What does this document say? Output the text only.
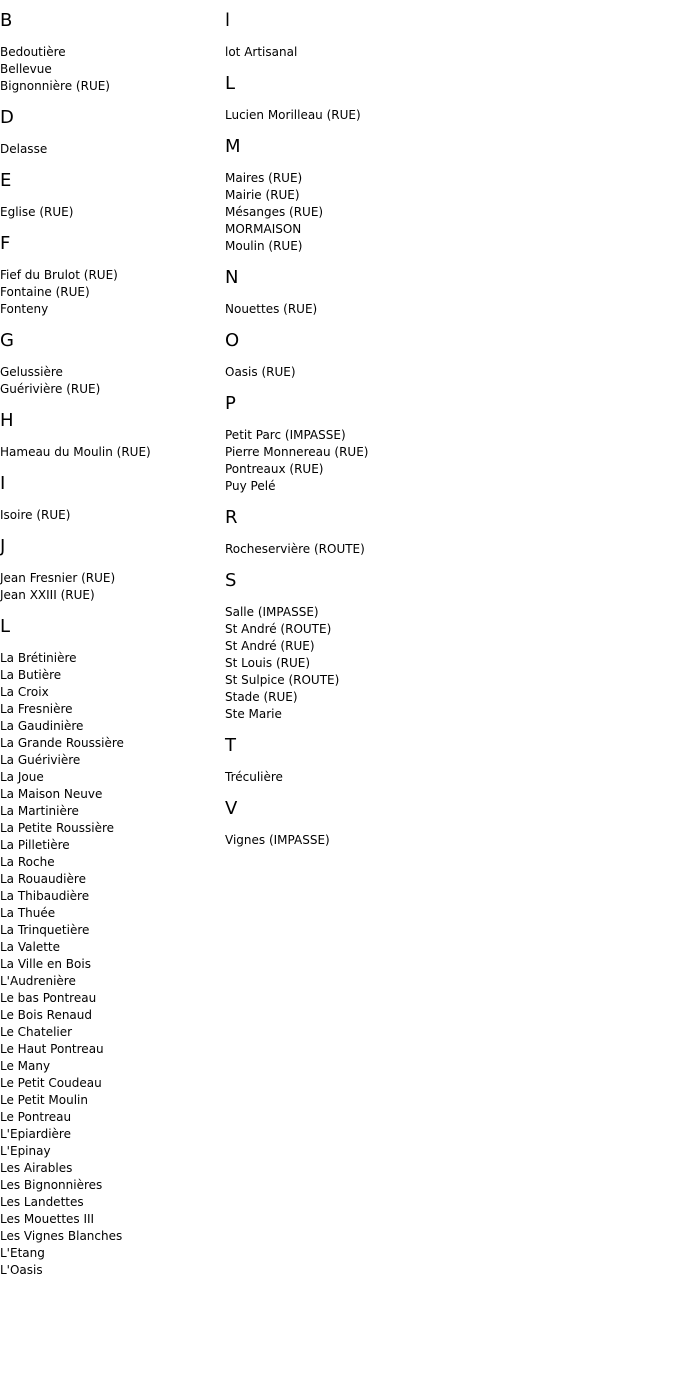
B
Bedoutière
Bellevue
Bignonnière (RUE)
D
Delasse
E
Eglise (RUE)
F
Fief du Brulot (RUE)
Fontaine (RUE)
Fonteny
G
Gelussière
Guérivière (RUE)
H
Hameau du Moulin (RUE)
I
Isoire (RUE)
J
Jean Fresnier (RUE)
Jean XXIII (RUE)
L
La Brétinière
La Butière
La Croix
La Fresnière
La Gaudinière
La Grande Roussière
La Guérivière
La Joue
La Maison Neuve
La Martinière
La Petite Roussière
La Pilletière
La Roche
La Rouaudière
La Thibaudière
La Thuée
La Trinquetière
La Valette
La Ville en Bois
L'Audrenière
Le bas Pontreau
Le Bois Renaud
Le Chatelier
Le Haut Pontreau
Le Many
Le Petit Coudeau
Le Petit Moulin
Le Pontreau
L'Epiardière
L'Epinay
Les Airables
Les Bignonnières
Les Landettes
Les Mouettes III
Les Vignes Blanches
L'Etang
L'Oasis
l
lot Artisanal
L
Lucien Morilleau (RUE)
M
Maires (RUE)
Mairie (RUE)
Mésanges (RUE)
MORMAISON
Moulin (RUE)
N
Nouettes (RUE)
O
Oasis (RUE)
P
Petit Parc (IMPASSE)
Pierre Monnereau (RUE)
Pontreaux (RUE)
Puy Pelé
R
Rocheservière (ROUTE)
S
Salle (IMPASSE)
St André (ROUTE)
St André (RUE)
St Louis (RUE)
St Sulpice (ROUTE)
Stade (RUE)
Ste Marie
T
Tréculière
V
Vignes (IMPASSE)
